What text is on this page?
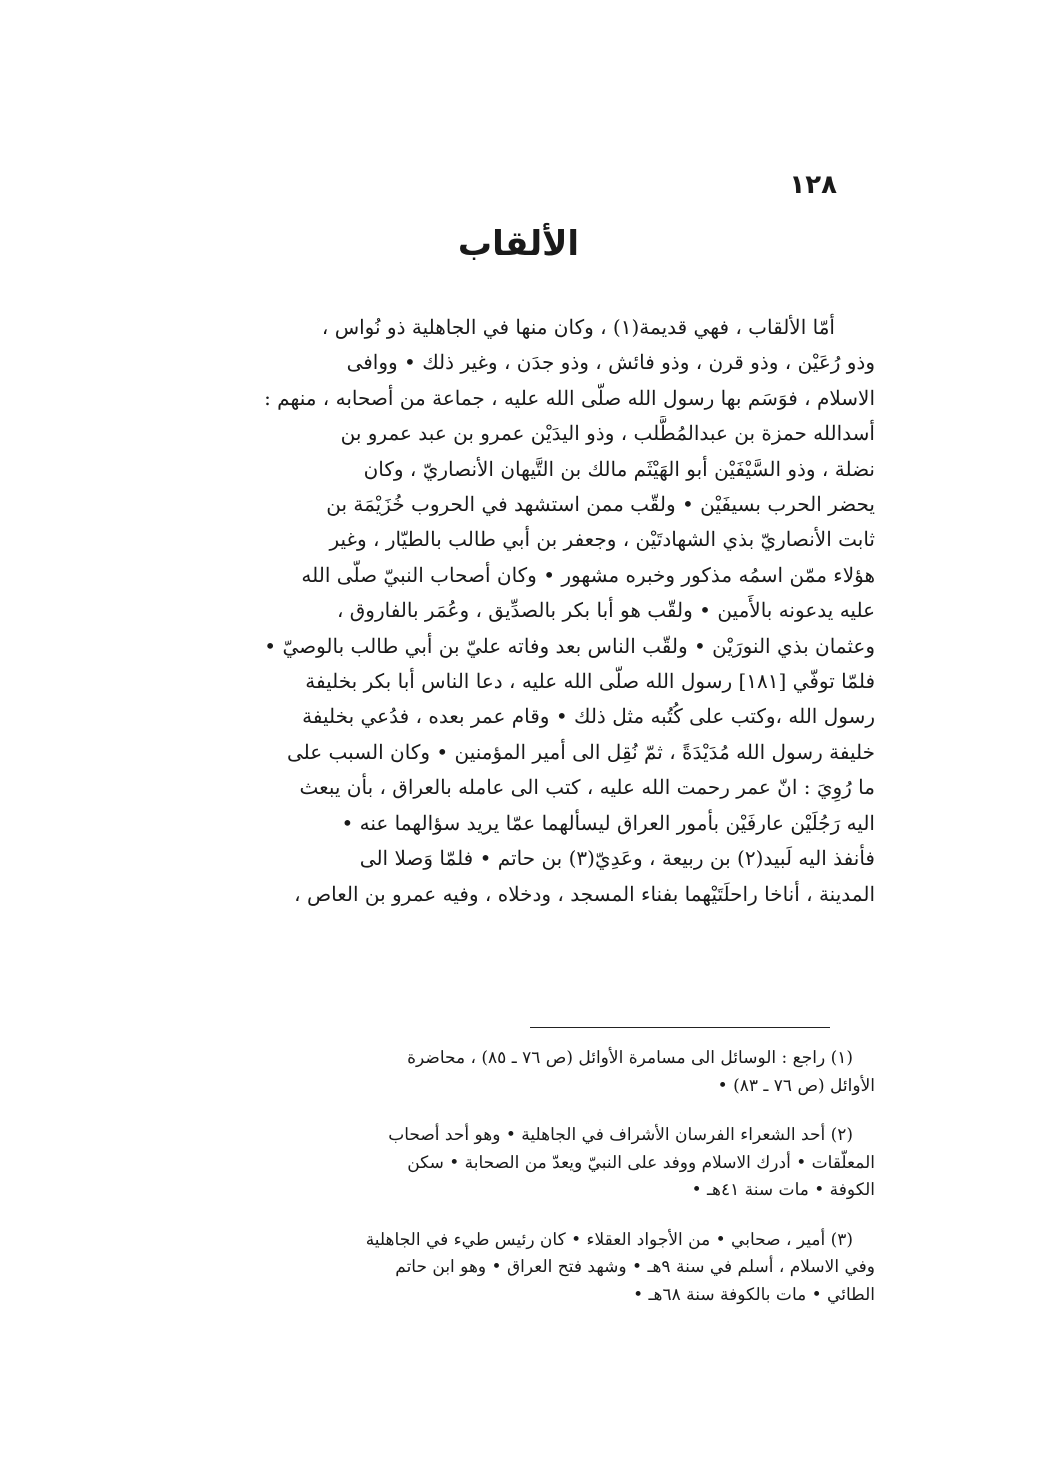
١٢٨
الألقاب
أمّا الألقاب ، فهي قديمة(١) ، وكان منها في الجاهلية ذو نُواس ،
وذو رُعَيْن ، وذو قرن ، وذو فائش ، وذو جدَن ، وغير ذلك • ووافى
الاسلام ، فوَسَم بها رسول الله صلّى الله عليه ، جماعة من أصحابه ، منهم :
أسدالله حمزة بن عبدالمُطَّلب ، وذو اليدَيْن عمرو بن عبد عمرو بن
نضلة ، وذو السَّيْفَيْن أبو الهَيْثَم مالك بن التَّيهان الأنصاريّ ، وكان
يحضر الحرب بسيفَيْن • ولقّب ممن استشهد في الحروب خُزَيْمَة بن
ثابت الأنصاريّ بذي الشهادتَيْن ، وجعفر بن أبي طالب بالطيّار ، وغير
هؤلاء ممّن اسمُه مذكور وخبره مشهور • وكان أصحاب النبيّ صلّى الله
عليه يدعونه بالأَمين • ولقّب هو أبا بكر بالصدِّيق ، وعُمَر بالفاروق ،
وعثمان بذي النورَيْن • ولقّب الناس بعد وفاته عليّ بن أبي طالب بالوصيّ •
فلمّا توفّي [١٨١] رسول الله صلّى الله عليه ، دعا الناس أبا بكر بخليفة
رسول الله ،وكتب على كُتُبه مثل ذلك • وقام عمر بعده ، فدُعي بخليفة
خليفة رسول الله مُدَيْدَةً ، ثمّ نُقِل الى أمير المؤمنين • وكان السبب على
ما رُوِيَ : انّ عمر رحمت الله عليه ، كتب الى عامله بالعراق ، بأن يبعث
اليه رَجُلَيْن عارفَيْن بأمور العراق ليسألهما عمّا يريد سؤالهما عنه •
فأنفذ اليه لَبيد(٢) بن ربيعة ، وعَدِيّ(٣) بن حاتم • فلمّا وَصلا الى
المدينة ، أناخا راحلَتَيْهما بفناء المسجد ، ودخلاه ، وفيه عمرو بن العاص ،
(١) راجع : الوسائل الى مسامرة الأوائل (ص ٧٦ ـ ٨٥) ، محاضرة
الأوائل (ص ٧٦ ـ ٨٣) •
(٢) أحد الشعراء الفرسان الأشراف في الجاهلية • وهو أحد أصحاب
المعلّقات • أدرك الاسلام ووفد على النبيّ ويعدّ من الصحابة • سكن
الكوفة • مات سنة ٤١هـ •
(٣) أمير ، صحابي • من الأجواد العقلاء • كان رئيس طيء في الجاهلية
وفي الاسلام ، أسلم في سنة ٩هـ • وشهد فتح العراق • وهو ابن حاتم
الطائي • مات بالكوفة سنة ٦٨هـ •
